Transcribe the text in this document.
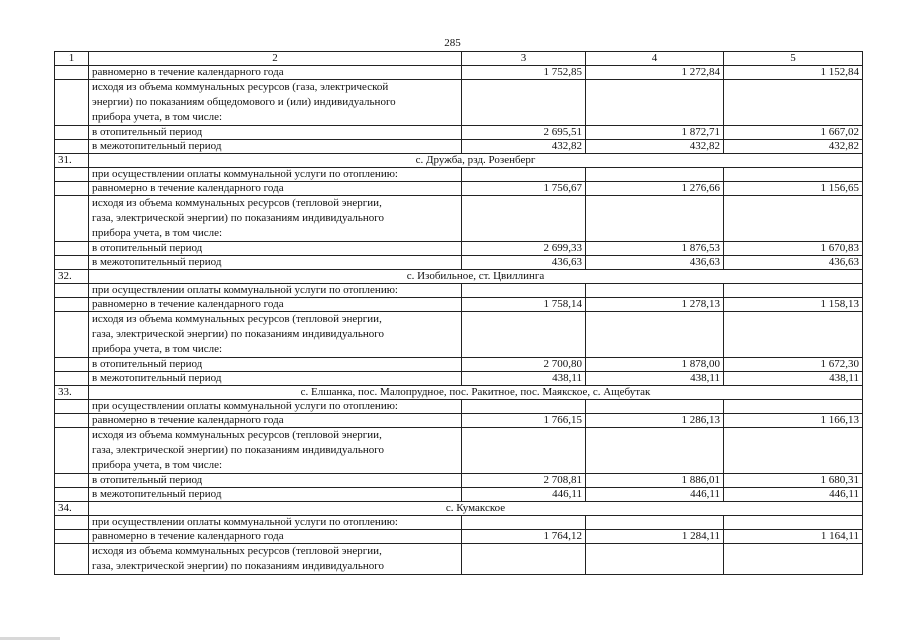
285
1	2	3	4	5
	равномерно в течение календарного года	1 752,85	1 272,84	1 152,84

	исходя из объема коммунальных ресурсов (газа, электрической
энергии) по показаниям общедомового и (или) индивидуального
прибора учета, в том числе:			

	в отопительный период	2 695,51	1 872,71	1 667,02
	в межотопительный период	432,82	432,82	432,82
31.	с. Дружба, рзд. Розенберг			
	при осуществлении оплаты коммунальной услуги по отоплению:			
	равномерно в течение календарного года	1 756,67	1 276,66	1 156,65

	исходя из объема коммунальных ресурсов (тепловой энергии,
газа, электрической энергии) по показаниям индивидуального
прибора учета, в том числе:			

	в отопительный период	2 699,33	1 876,53	1 670,83
	в межотопительный период	436,63	436,63	436,63
32.	с. Изобильное, ст. Цвиллинга			
	при осуществлении оплаты коммунальной услуги по отоплению:			
	равномерно в течение календарного года	1 758,14	1 278,13	1 158,13

	исходя из объема коммунальных ресурсов (тепловой энергии,
газа, электрической энергии) по показаниям индивидуального
прибора учета, в том числе:			

	в отопительный период	2 700,80	1 878,00	1 672,30
	в межотопительный период	438,11	438,11	438,11
33.	с. Елшанка, пос. Малопрудное, пос. Ракитное, пос. Маякское, с. Ащебутак			
	при осуществлении оплаты коммунальной услуги по отоплению:			
	равномерно в течение календарного года	1 766,15	1 286,13	1 166,13

	исходя из объема коммунальных ресурсов (тепловой энергии,
газа, электрической энергии) по показаниям индивидуального
прибора учета, в том числе:			

	в отопительный период	2 708,81	1 886,01	1 680,31
	в межотопительный период	446,11	446,11	446,11
34.	с. Кумакское			
	при осуществлении оплаты коммунальной услуги по отоплению:			
	равномерно в течение календарного года	1 764,12	1 284,11	1 164,11

	исходя из объема коммунальных ресурсов (тепловой энергии,
газа, электрической энергии) по показаниям индивидуального			
